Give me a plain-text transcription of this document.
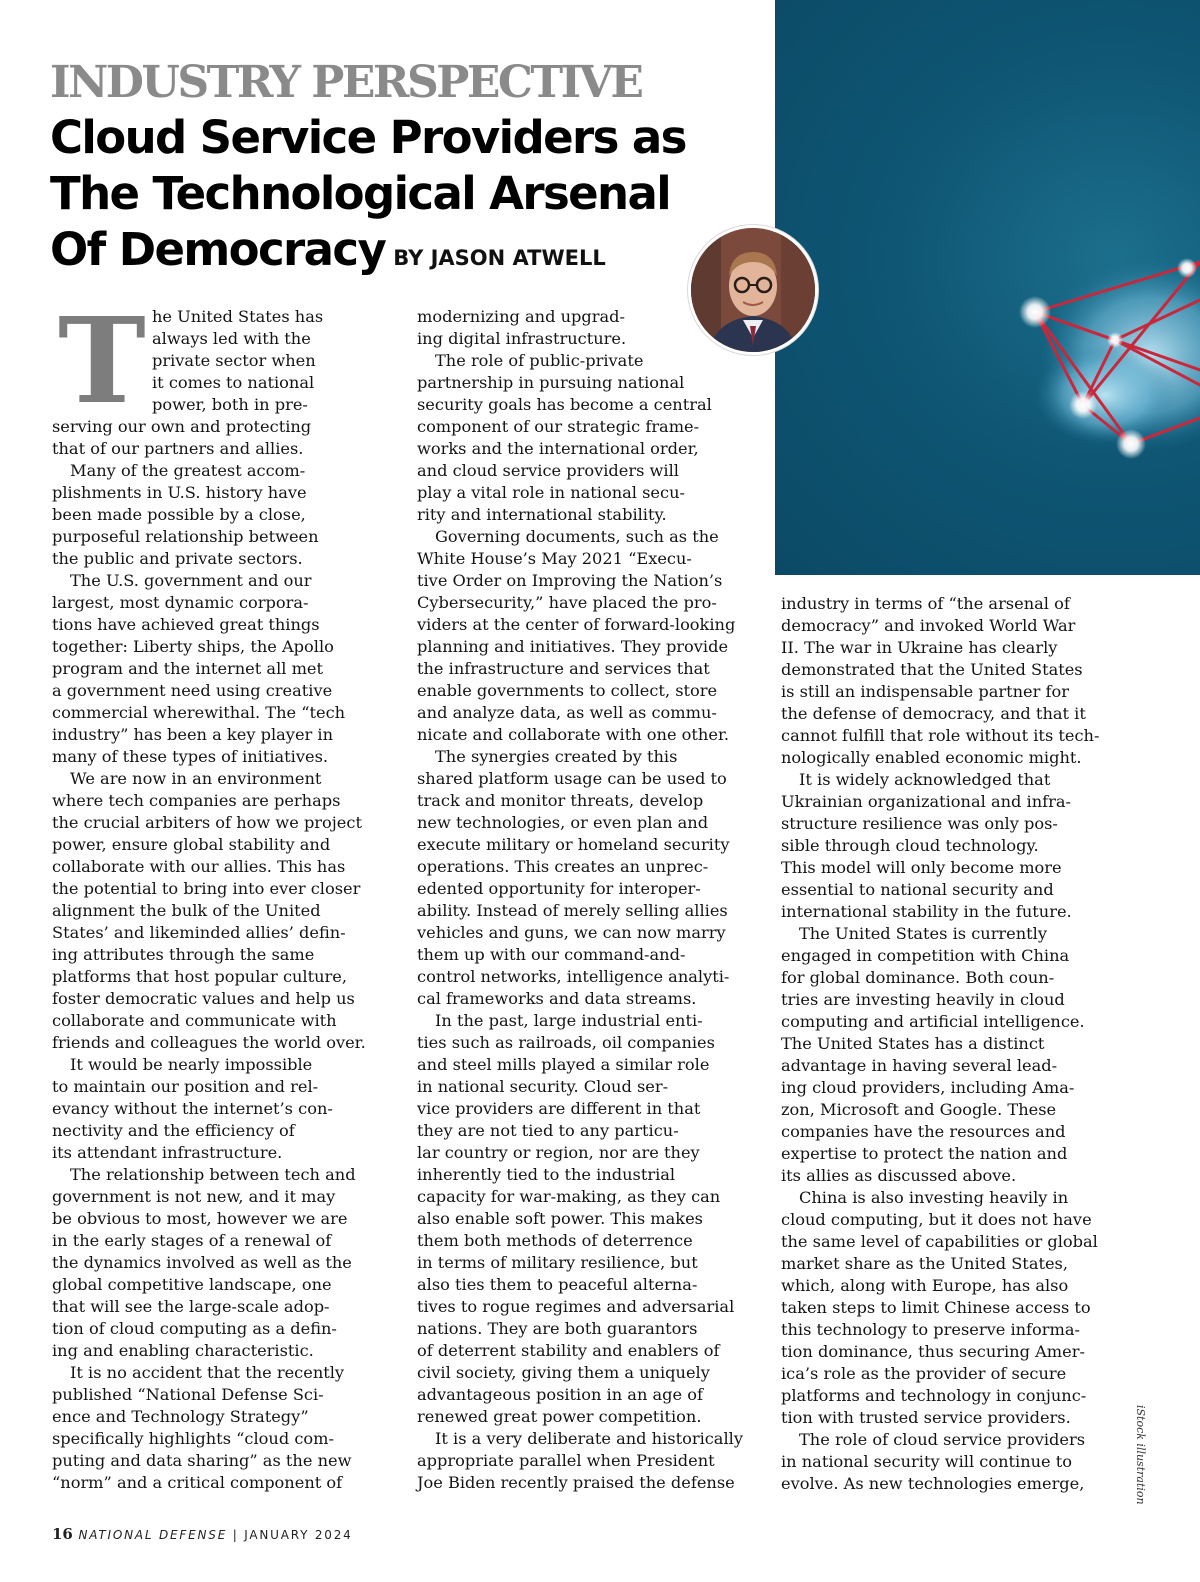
INDUSTRY PERSPECTIVE
Cloud Service Providers as
The Technological Arsenal
Of Democracy BY JASON ATWELL
T he United States has
always led with the
private sector when
it comes to national
power, both in pre-
serving our own and protecting
that of our partners and allies.

Many of the greatest accom-
plishments in U.S. history have
been made possible by a close,
purposeful relationship between
the public and private sectors.

The U.S. government and our
largest, most dynamic corpora-
tions have achieved great things
together: Liberty ships, the Apollo
program and the internet all met
a government need using creative
commercial wherewithal. The “tech
industry” has been a key player in
many of these types of initiatives.

We are now in an environment
where tech companies are perhaps
the crucial arbiters of how we project
power, ensure global stability and
collaborate with our allies. This has
the potential to bring into ever closer
alignment the bulk of the United
States’ and likeminded allies’ defin-
ing attributes through the same
platforms that host popular culture,
foster democratic values and help us
collaborate and communicate with
friends and colleagues the world over.

It would be nearly impossible
to maintain our position and rel-
evancy without the internet’s con-
nectivity and the efficiency of
its attendant infrastructure.

The relationship between tech and
government is not new, and it may
be obvious to most, however we are
in the early stages of a renewal of
the dynamics involved as well as the
global competitive landscape, one
that will see the large-scale adop-
tion of cloud computing as a defin-
ing and enabling characteristic.

It is no accident that the recently
published “National Defense Sci-
ence and Technology Strategy”
specifically highlights “cloud com-
puting and data sharing” as the new
“norm” and a critical component of

modernizing and upgrad-
ing digital infrastructure.

The role of public-private
partnership in pursuing national
security goals has become a central
component of our strategic frame-
works and the international order,
and cloud service providers will
play a vital role in national secu-
rity and international stability.

Governing documents, such as the
White House’s May 2021 “Execu-
tive Order on Improving the Nation’s
Cybersecurity,” have placed the pro-
viders at the center of forward-looking
planning and initiatives. They provide
the infrastructure and services that
enable governments to collect, store
and analyze data, as well as commu-
nicate and collaborate with one other.

The synergies created by this
shared platform usage can be used to
track and monitor threats, develop
new technologies, or even plan and
execute military or homeland security
operations. This creates an unprec-
edented opportunity for interoper-
ability. Instead of merely selling allies
vehicles and guns, we can now marry
them up with our command-and-
control networks, intelligence analyti-
cal frameworks and data streams.

In the past, large industrial enti-
ties such as railroads, oil companies
and steel mills played a similar role
in national security. Cloud ser-
vice providers are different in that
they are not tied to any particu-
lar country or region, nor are they
inherently tied to the industrial
capacity for war-making, as they can
also enable soft power. This makes
them both methods of deterrence
in terms of military resilience, but
also ties them to peaceful alterna-
tives to rogue regimes and adversarial
nations. They are both guarantors
of deterrent stability and enablers of
civil society, giving them a uniquely
advantageous position in an age of
renewed great power competition.

It is a very deliberate and historically
appropriate parallel when President
Joe Biden recently praised the defense

industry in terms of “the arsenal of
democracy” and invoked World War
II. The war in Ukraine has clearly
demonstrated that the United States
is still an indispensable partner for
the defense of democracy, and that it
cannot fulfill that role without its tech-
nologically enabled economic might.

It is widely acknowledged that
Ukrainian organizational and infra-
structure resilience was only pos-
sible through cloud technology.
This model will only become more
essential to national security and
international stability in the future.

The United States is currently
engaged in competition with China
for global dominance. Both coun-
tries are investing heavily in cloud
computing and artificial intelligence.
The United States has a distinct
advantage in having several lead-
ing cloud providers, including Ama-
zon, Microsoft and Google. These
companies have the resources and
expertise to protect the nation and
its allies as discussed above.

China is also investing heavily in
cloud computing, but it does not have
the same level of capabilities or global
market share as the United States,
which, along with Europe, has also
taken steps to limit Chinese access to
this technology to preserve informa-
tion dominance, thus securing Amer-
ica’s role as the provider of secure
platforms and technology in conjunc-
tion with trusted service providers.

The role of cloud service providers
in national security will continue to
evolve. As new technologies emerge,	iStock illustration
16 NATIONAL DEFENSE | JANUARY 2024
